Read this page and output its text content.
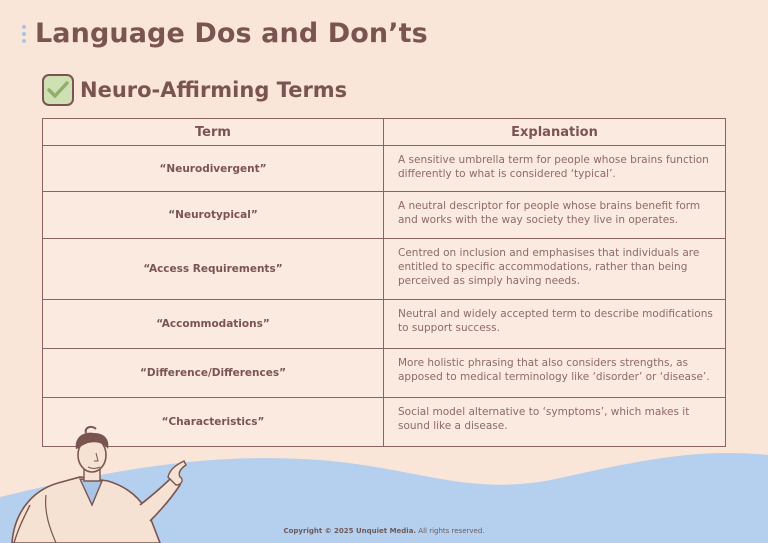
Language Dos and Don’ts
Neuro-Affirming Terms
Term	Explanation
“Neurodivergent”	A sensitive umbrella term for people whose brains function differently to what is considered ‘typical’.
“Neurotypical”	A neutral descriptor for people whose brains benefit form and works with the way society they live in operates.
“Access Requirements”	Centred on inclusion and emphasises that individuals are entitled to specific accommodations, rather than being perceived as simply having needs.
“Accommodations”	Neutral and widely accepted term to describe modifications to support success.
“Difference/Differences”	More holistic phrasing that also considers strengths, as apposed to medical terminology like ‘disorder’ or ‘disease’.
“Characteristics”	Social model alternative to ‘symptoms’, which makes it sound like a disease.
Copyright © 2025 Unquiet Media. All rights reserved.
